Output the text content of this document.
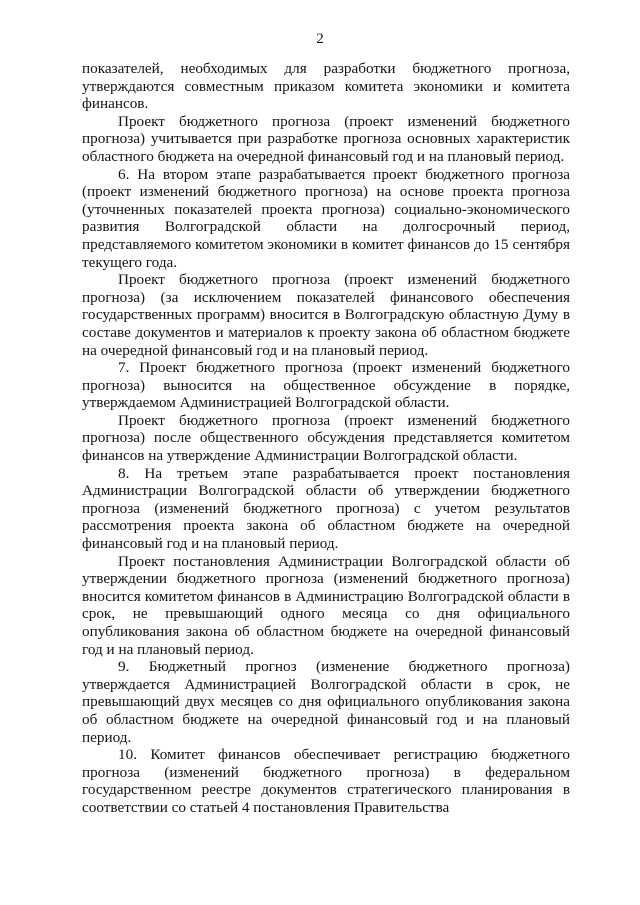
2

показателей, необходимых для разработки бюджетного прогноза, утверждаются совместным приказом комитета экономики и комитета финансов.

Проект бюджетного прогноза (проект изменений бюджетного прогноза) учитывается при разработке прогноза основных характеристик областного бюджета на очередной финансовый год и на плановый период.

6. На втором этапе разрабатывается проект бюджетного прогноза (проект изменений бюджетного прогноза) на основе проекта прогноза (уточненных показателей проекта прогноза) социально-экономического развития Волгоградской области на долгосрочный период, представляемого комитетом экономики в комитет финансов до 15 сентября текущего года.

Проект бюджетного прогноза (проект изменений бюджетного прогноза) (за исключением показателей финансового обеспечения государственных программ) вносится в Волгоградскую областную Думу в составе документов и материалов к проекту закона об областном бюджете на очередной финансовый год и на плановый период.

7. Проект бюджетного прогноза (проект изменений бюджетного прогноза) выносится на общественное обсуждение в порядке, утверждаемом Администрацией Волгоградской области.

Проект бюджетного прогноза (проект изменений бюджетного прогноза) после общественного обсуждения представляется комитетом финансов на утверждение Администрации Волгоградской области.

8. На третьем этапе разрабатывается проект постановления Администрации Волгоградской области об утверждении бюджетного прогноза (изменений бюджетного прогноза) с учетом результатов рассмотрения проекта закона об областном бюджете на очередной финансовый год и на плановый период.

Проект постановления Администрации Волгоградской области об утверждении бюджетного прогноза (изменений бюджетного прогноза) вносится комитетом финансов в Администрацию Волгоградской области в срок, не превышающий одного месяца со дня официального опубликования закона об областном бюджете на очередной финансовый год и на плановый период.

9. Бюджетный прогноз (изменение бюджетного прогноза) утверждается Администрацией Волгоградской области в срок, не превышающий двух месяцев со дня официального опубликования закона об областном бюджете на очередной финансовый год и на плановый период.

10. Комитет финансов обеспечивает регистрацию бюджетного прогноза (изменений бюджетного прогноза) в федеральном государственном реестре документов стратегического планирования в соответствии со статьей 4 постановления Правительства
